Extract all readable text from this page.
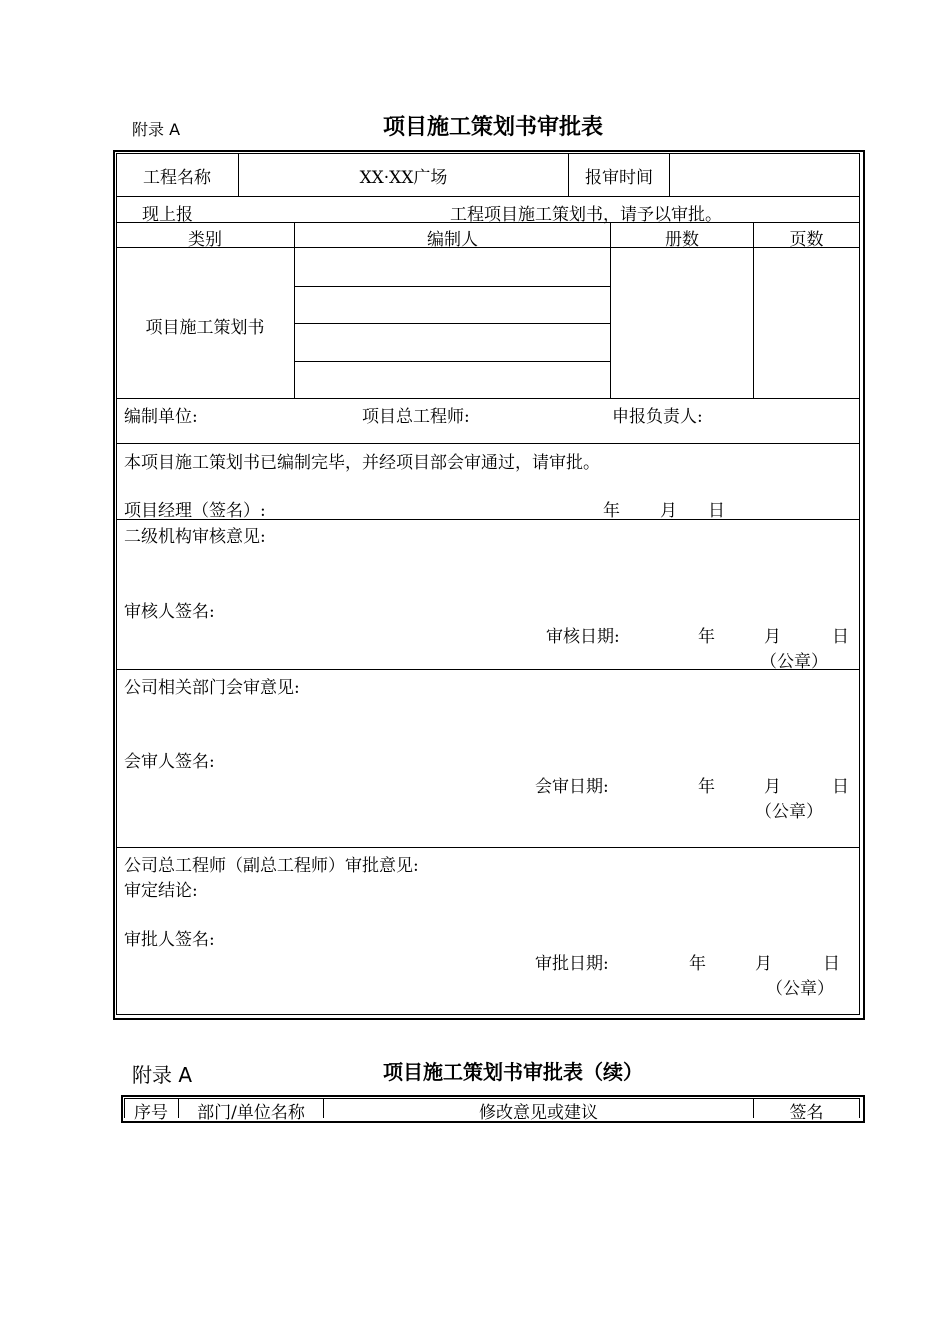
附录 A	项目施工策划书审批表
工程名称	XX·XX广场	报审时间
现上报	工程项目施工策划书，请予以审批。
类别	编制人	册数	页数
项目施工策划书
编制单位:	项目总工程师:	申报负责人:
本项目施工策划书已编制完毕，并经项目部会审通过，请审批。
项目经理（签名）:	年 月 日
二级机构审核意见:
审核人签名:
审核日期:	年	月	日
（公章）
公司相关部门会审意见:
会审人签名:
会审日期:	年	月	日
（公章）
公司总工程师（副总工程师）审批意见:
审定结论:
审批人签名:
审批日期:	年	月	日
（公章）
附录 A	项目施工策划书审批表（续）
序号	部门/单位名称	修改意见或建议	签名
